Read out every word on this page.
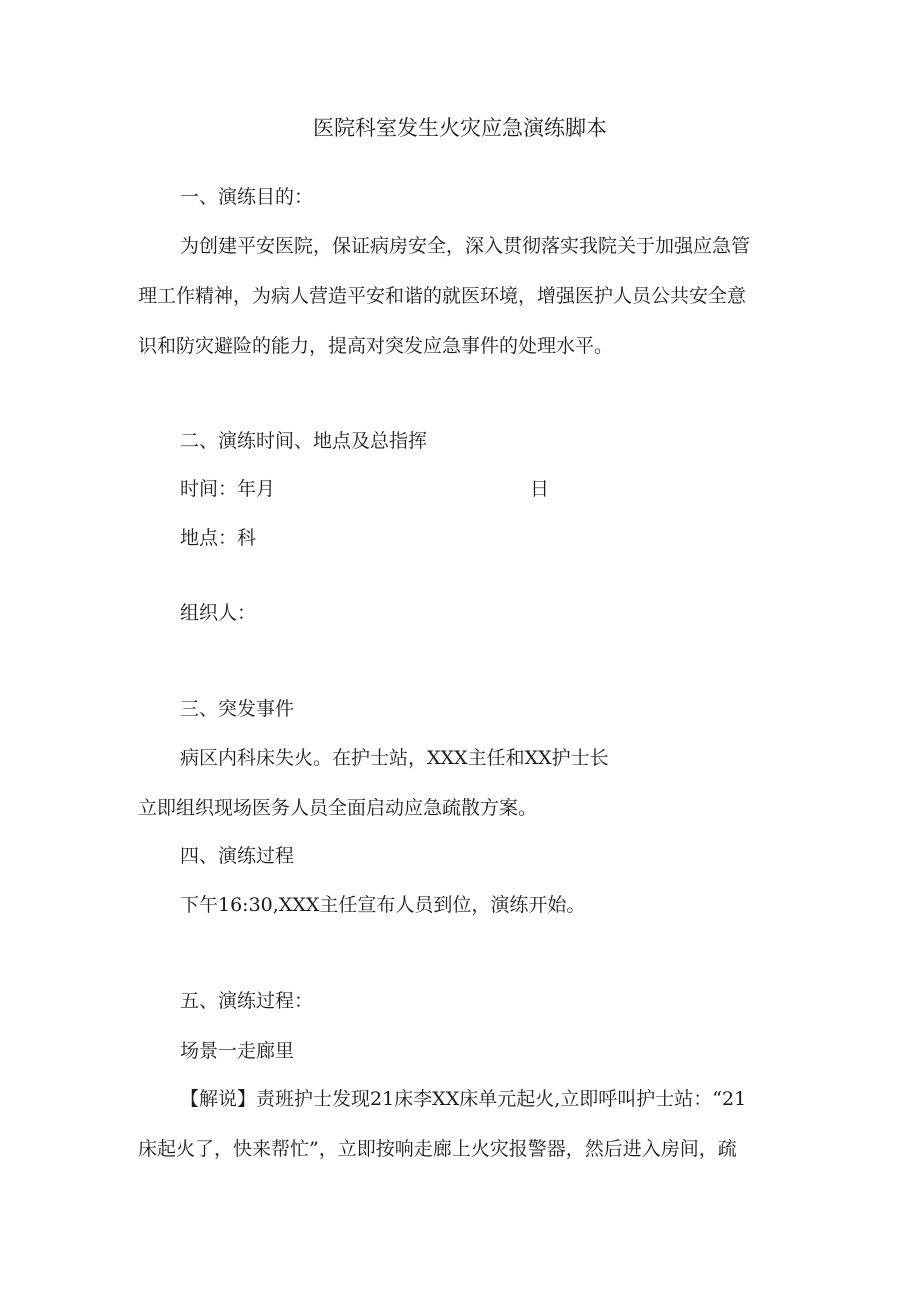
医院科室发生火灾应急演练脚本
一、演练目的：
为创建平安医院，保证病房安全，深入贯彻落实我院关于加强应急管
理工作精神，为病人营造平安和谐的就医环境，增强医护人员公共安全意
识和防灾避险的能力，提高对突发应急事件的处理水平。
二、演练时间、地点及总指挥
时间：年月	日
地点：科
组织人：
三、突发事件
病区内科床失火。在护士站，XXX主任和XX护士长
立即组织现场医务人员全面启动应急疏散方案。
四、演练过程
下午16:30,XXX主任宣布人员到位，演练开始。
五、演练过程：
场景一走廊里
【解说】责班护士发现21床李XX床单元起火,立即呼叫护士站：“21
床起火了，快来帮忙”，立即按响走廊上火灾报警器，然后进入房间，疏
